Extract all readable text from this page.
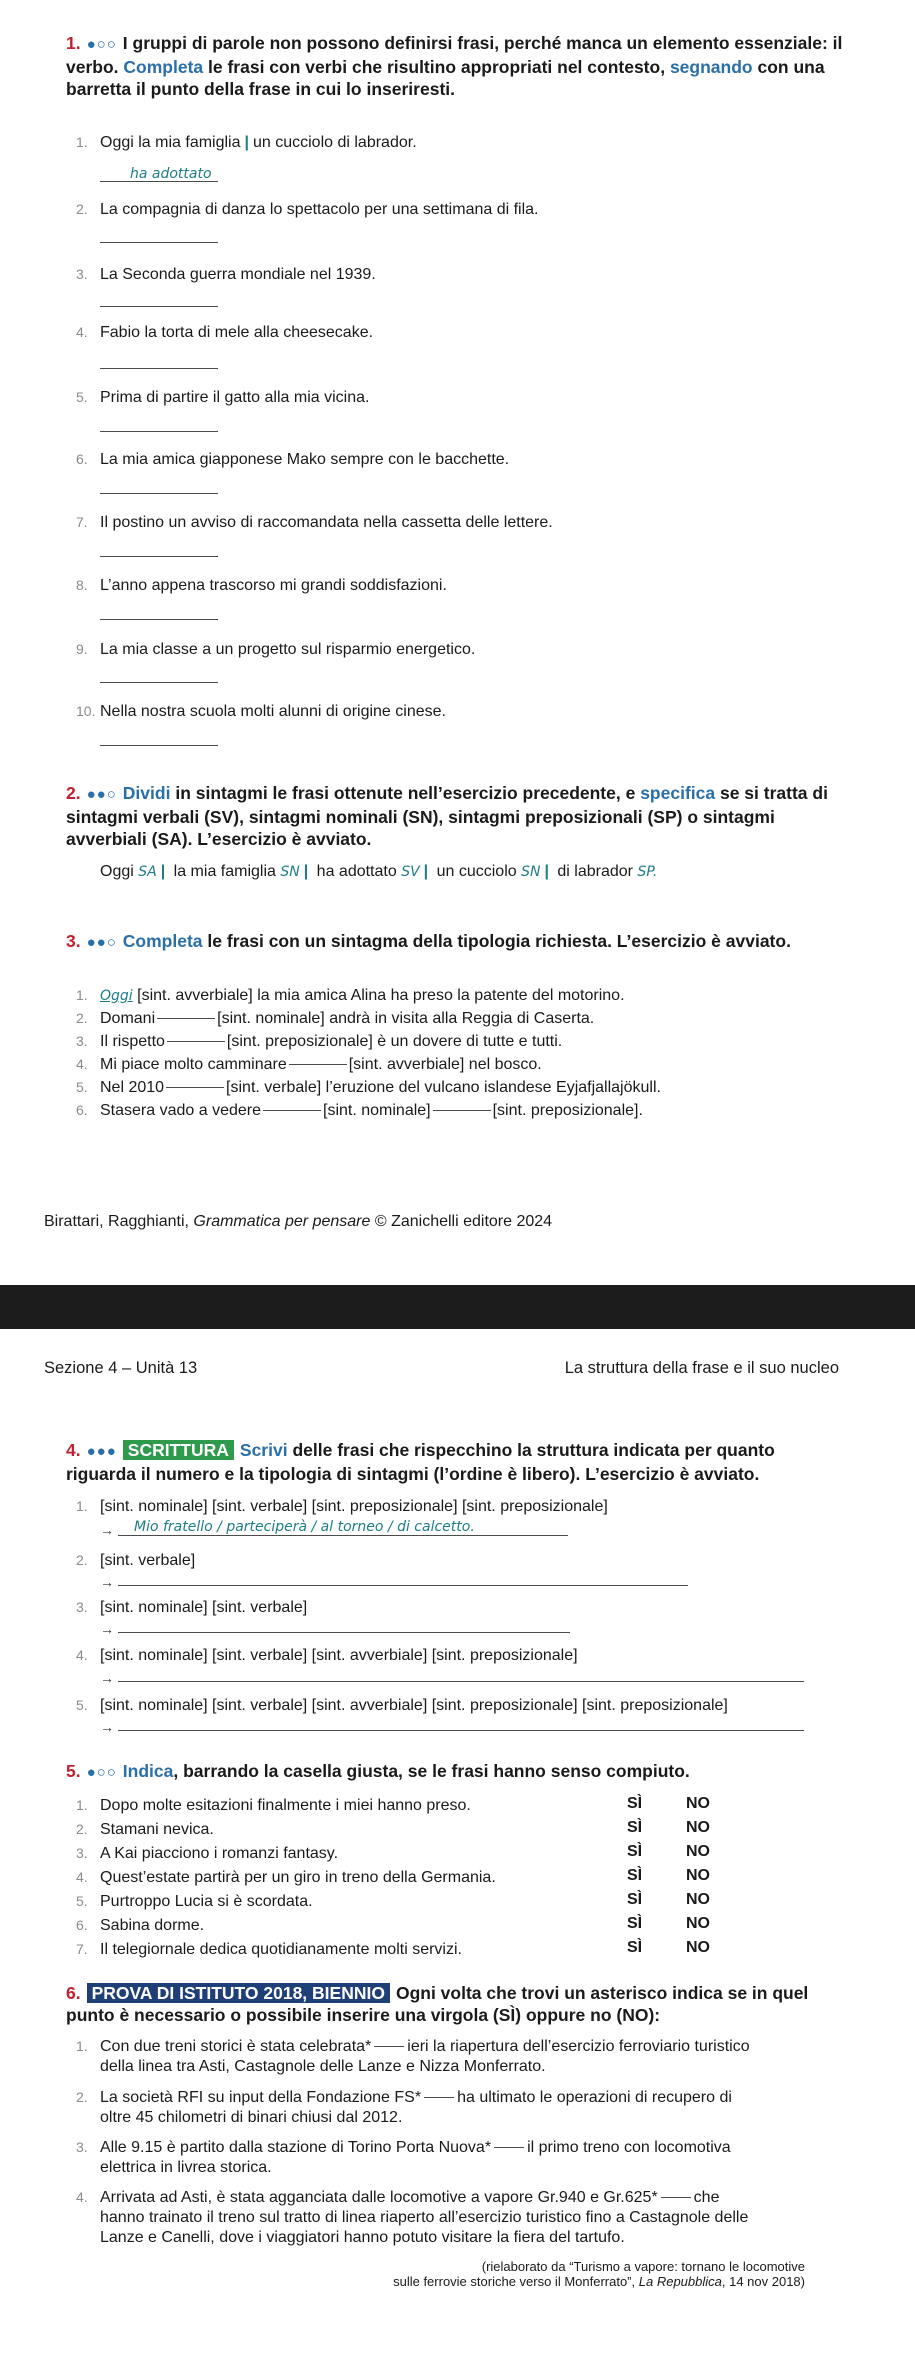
1. ●○○ I gruppi di parole non possono definirsi frasi, perché manca un elemento essenziale: il verbo. Completa le frasi con verbi che risultino appropriati nel contesto, segnando con una barretta il punto della frase in cui lo inseriresti.
1. Oggi la mia famiglia | un cucciolo di labrador.
ha adottato
2. La compagnia di danza lo spettacolo per una settimana di fila.
3. La Seconda guerra mondiale nel 1939.
4. Fabio la torta di mele alla cheesecake.
5. Prima di partire il gatto alla mia vicina.
6. La mia amica giapponese Mako sempre con le bacchette.
7. Il postino un avviso di raccomandata nella cassetta delle lettere.
8. L’anno appena trascorso mi grandi soddisfazioni.
9. La mia classe a un progetto sul risparmio energetico.
10. Nella nostra scuola molti alunni di origine cinese.
2. ●●○ Dividi in sintagmi le frasi ottenute nell’esercizio precedente, e specifica se si tratta di sintagmi verbali (SV), sintagmi nominali (SN), sintagmi preposizionali (SP) o sintagmi avverbiali (SA). L’esercizio è avviato.
Oggi SA | la mia famiglia SN | ha adottato SV | un cucciolo SN | di labrador SP.
3. ●●○ Completa le frasi con un sintagma della tipologia richiesta. L’esercizio è avviato.
1. Oggi [sint. avverbiale] la mia amica Alina ha preso la patente del motorino.
2. Domani	[sint. nominale] andrà in visita alla Reggia di Caserta.
3. Il rispetto	[sint. preposizionale] è un dovere di tutte e tutti.
4. Mi piace molto camminare	[sint. avverbiale] nel bosco.
5. Nel 2010	[sint. verbale] l’eruzione del vulcano islandese Eyjafjallajökull.
6. Stasera vado a vedere	[sint. nominale]	[sint. preposizionale].
Birattari, Ragghianti, Grammatica per pensare © Zanichelli editore 2024
Sezione 4 – Unità 13	La struttura della frase e il suo nucleo
4. ●●● SCRITTURA Scrivi delle frasi che rispecchino la struttura indicata per quanto riguarda il numero e la tipologia di sintagmi (l’ordine è libero). L’esercizio è avviato.
1. [sint. nominale] [sint. verbale] [sint. preposizionale] [sint. preposizionale]
→ Mio fratello / parteciperà / al torneo / di calcetto.
2. [sint. verbale]
→
3. [sint. nominale] [sint. verbale]
→
4. [sint. nominale] [sint. verbale] [sint. avverbiale] [sint. preposizionale]
→
5. [sint. nominale] [sint. verbale] [sint. avverbiale] [sint. preposizionale] [sint. preposizionale]
→
5. ●○○ Indica, barrando la casella giusta, se le frasi hanno senso compiuto.
1. Dopo molte esitazioni finalmente i miei hanno preso.	SÌ	NO
2. Stamani nevica.	SÌ	NO
3. A Kai piacciono i romanzi fantasy.	SÌ	NO
4. Quest’estate partirà per un giro in treno della Germania.	SÌ	NO
5. Purtroppo Lucia si è scordata.	SÌ	NO
6. Sabina dorme.	SÌ	NO
7. Il telegiornale dedica quotidianamente molti servizi.	SÌ	NO
6. PROVA DI ISTITUTO 2018, BIENNIO Ogni volta che trovi un asterisco indica se in quel punto è necessario o possibile inserire una virgola (SÌ) oppure no (NO):
1. Con due treni storici è stata celebrata* ieri la riapertura dell’esercizio ferroviario turistico
della linea tra Asti, Castagnole delle Lanze e Nizza Monferrato.
2. La società RFI su input della Fondazione FS* ha ultimato le operazioni di recupero di
oltre 45 chilometri di binari chiusi dal 2012.
3. Alle 9.15 è partito dalla stazione di Torino Porta Nuova* il primo treno con locomotiva
elettrica in livrea storica.
4. Arrivata ad Asti, è stata agganciata dalle locomotive a vapore Gr.940 e Gr.625* che
hanno trainato il treno sul tratto di linea riaperto all’esercizio turistico fino a Castagnole delle
Lanze e Canelli, dove i viaggiatori hanno potuto visitare la fiera del tartufo.
(rielaborato da “Turismo a vapore: tornano le locomotive
sulle ferrovie storiche verso il Monferrato”, La Repubblica, 14 nov 2018)
